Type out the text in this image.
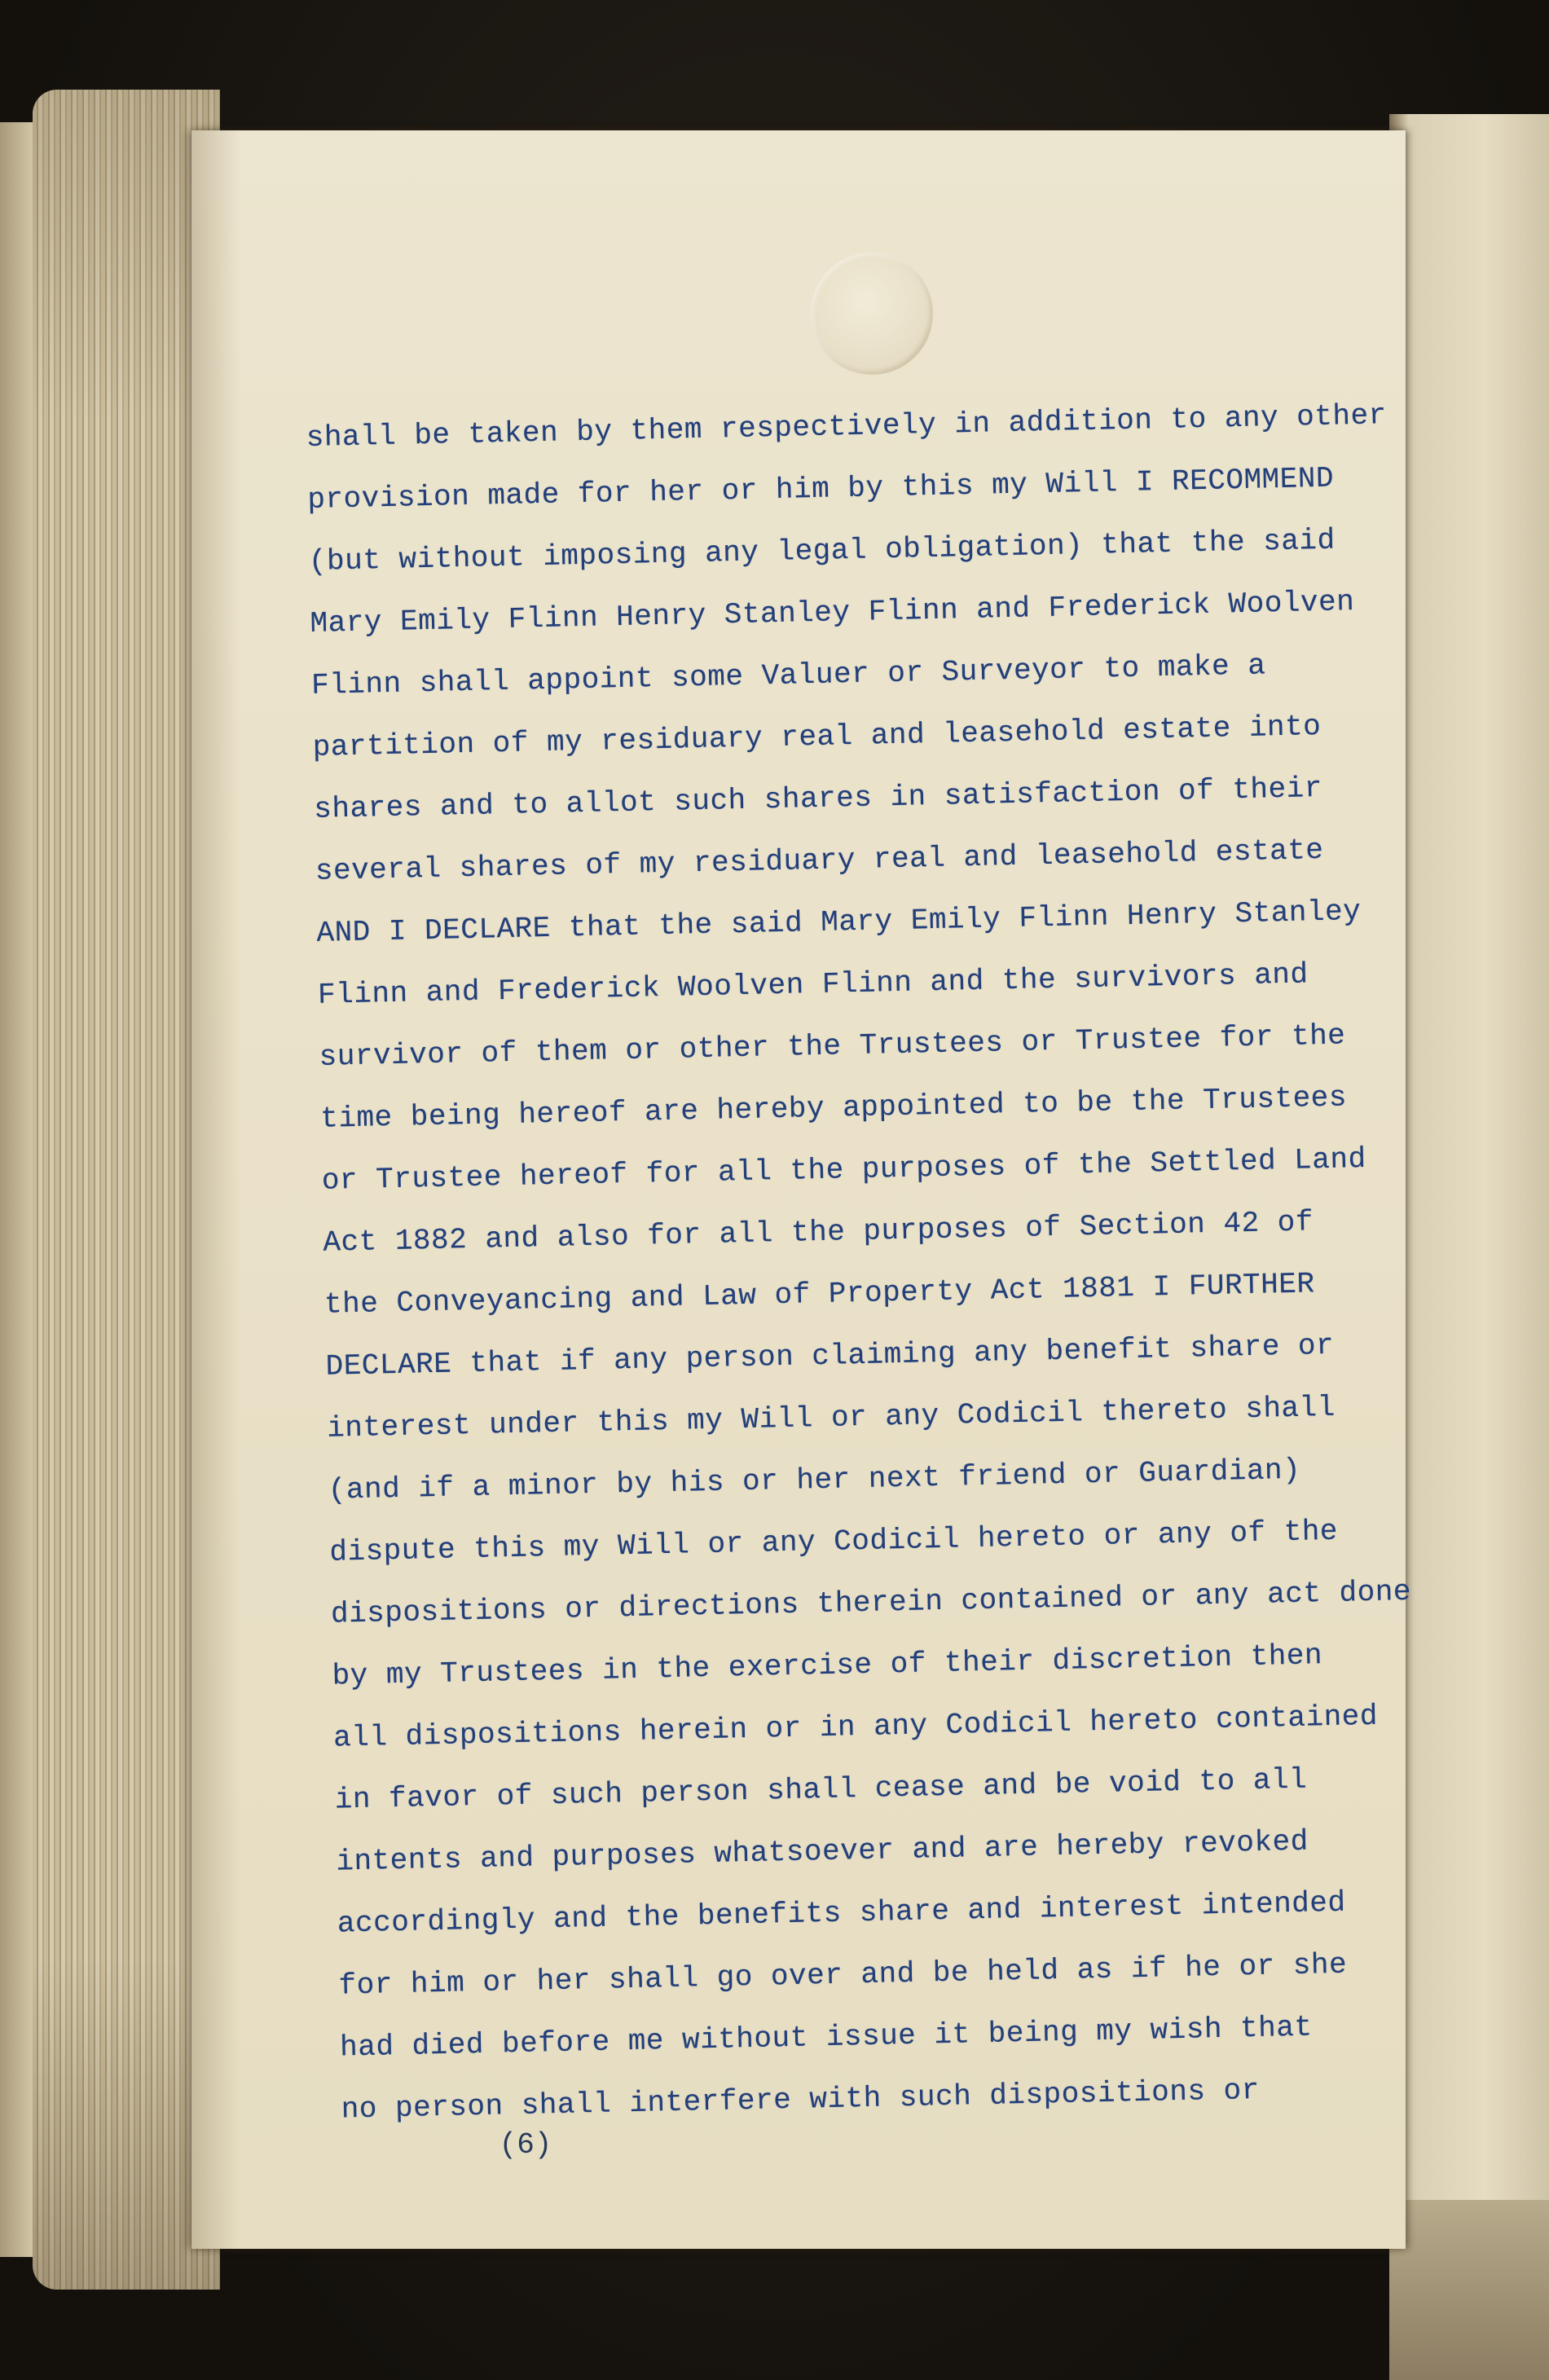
shall be taken by them respectively in addition to any other
provision made for her or him by this my Will I RECOMMEND
(but without imposing any legal obligation) that the said
Mary Emily Flinn Henry Stanley Flinn and Frederick Woolven
Flinn shall appoint some Valuer or Surveyor to make a
partition of my residuary real and leasehold estate into
shares and to allot such shares in satisfaction of their
several shares of my residuary real and leasehold estate
AND I DECLARE that the said Mary Emily Flinn Henry Stanley
Flinn and Frederick Woolven Flinn and the survivors and
survivor of them or other the Trustees or Trustee for the
time being hereof are hereby appointed to be the Trustees
or Trustee hereof for all the purposes of the Settled Land
Act 1882 and also for all the purposes of Section 42 of
the Conveyancing and Law of Property Act 1881 I FURTHER
DECLARE that if any person claiming any benefit share or
interest under this my Will or any Codicil thereto shall
(and if a minor by his or her next friend or Guardian)
dispute this my Will or any Codicil hereto or any of the
dispositions or directions therein contained or any act done
by my Trustees in the exercise of their discretion then
all dispositions herein or in any Codicil hereto contained
in favor of such person shall cease and be void to all
intents and purposes whatsoever and are hereby revoked
accordingly and the benefits share and interest intended
for him or her shall go over and be held as if he or she
had died before me without issue it being my wish that
no person shall interfere with such dispositions or
(6)
